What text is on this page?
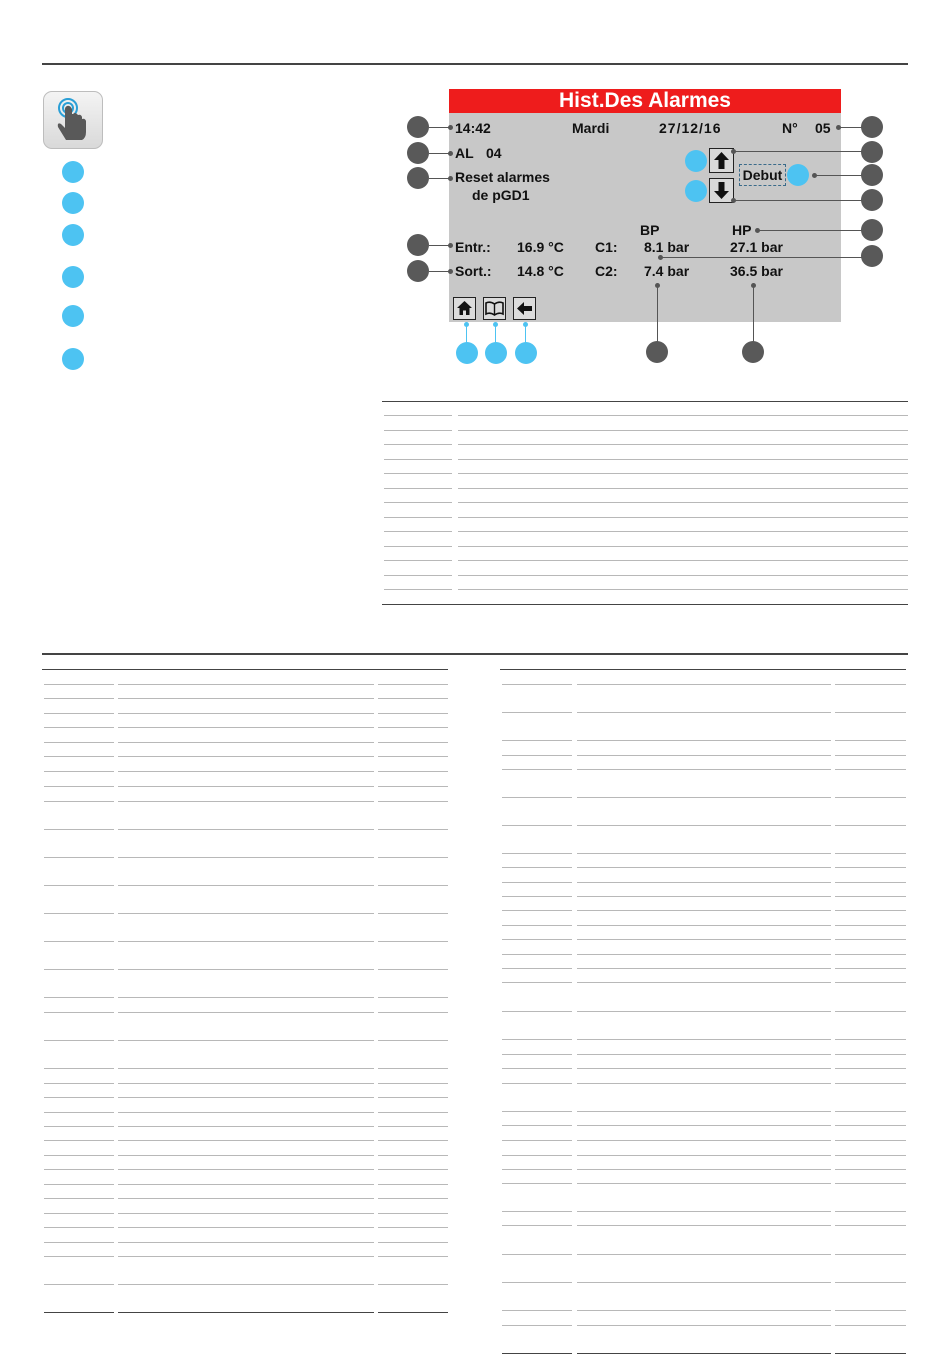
Hist.Des Alarmes
14:42	Mardi	27/12/16	N° 05
AL 04
Reset alarmes
de pGD1
Debut
BP	HP
Entr.: 16.9 °C C1: 8.1 bar	27.1 bar
Sort.: 14.8 °C C2: 7.4 bar	36.5 bar
